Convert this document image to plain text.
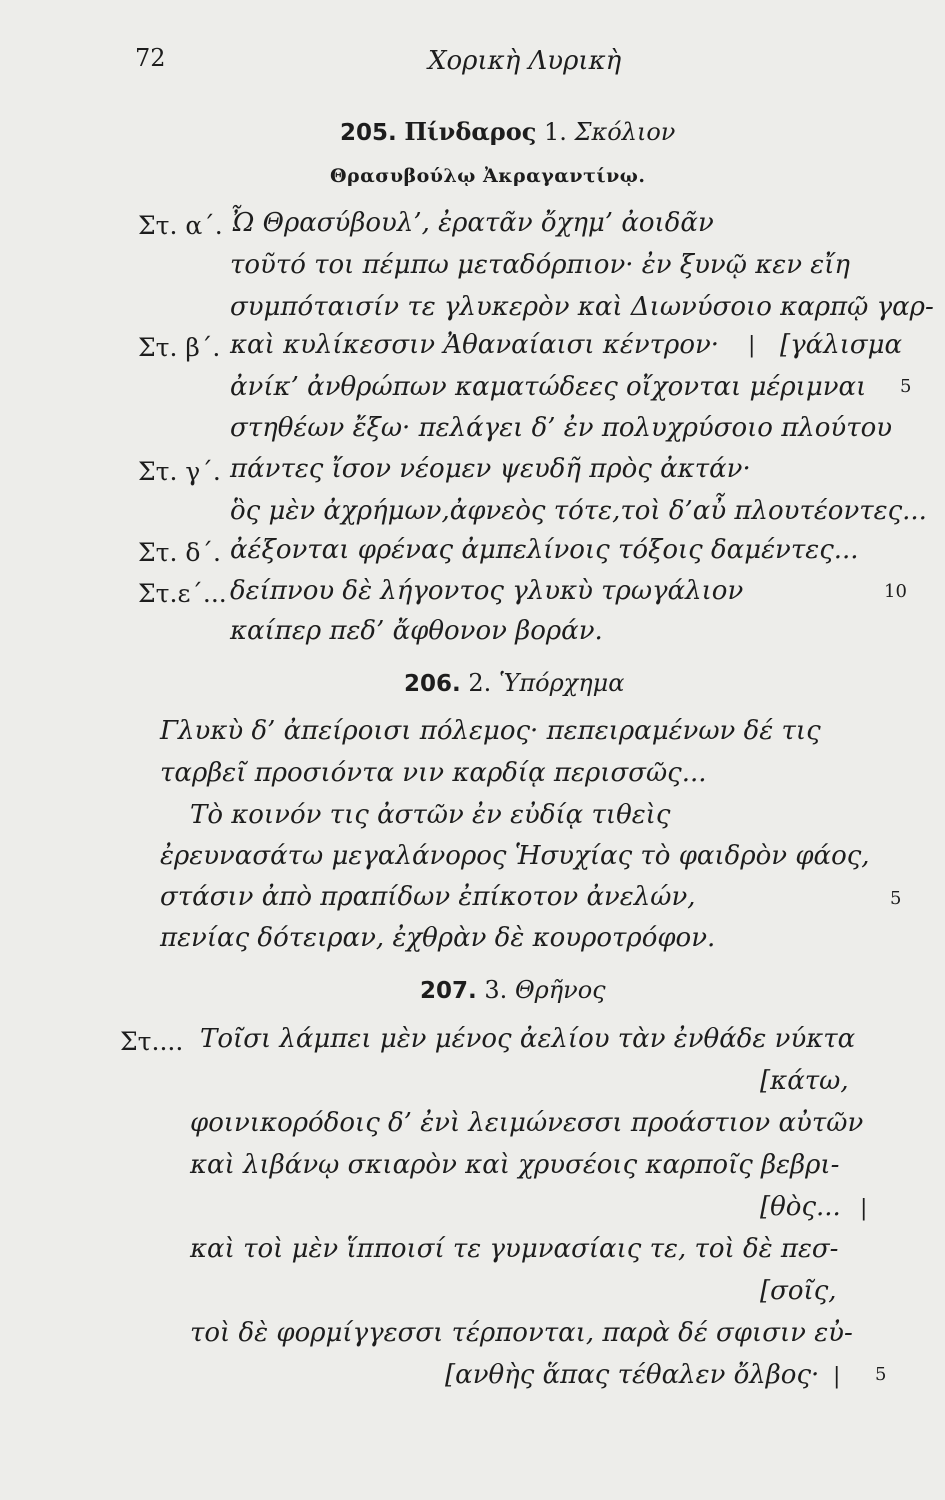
72	Χορικὴ Λυρικὴ
205. Πίνδαρος 1. Σκόλιον
Θρασυβούλῳ Ἀκραγαντίνῳ.
Στ. α΄. Ὦ Θρασύβουλ’, ἐρατᾶν ὄχημ’ ἀοιδᾶν
τοῦτό τοι πέμπω μεταδόρπιον· ἐν ξυνῷ κεν εἴη
συμπόταισίν τε γλυκερὸν καὶ Διωνύσοιο καρπῷ γαρ-
Στ. β΄. καὶ κυλίκεσσιν Ἀθαναίαισι κέντρον· | [γάλισμα
ἀνίκ’ ἀνθρώπων καματώδεες οἴχονται μέριμναι 5
στηθέων ἔξω· πελάγει δ’ ἐν πολυχρύσοιο πλούτου
Στ. γ΄. πάντες ἴσον νέομεν ψευδῆ πρὸς ἀκτάν·
ὃς μὲν ἀχρήμων,ἀφνεὸς τότε,τοὶ δ’αὖ πλουτέοντες...
Στ. δ΄. ἀέξονται φρένας ἀμπελίνοις τόξοις δαμέντες...
Στ.ε΄... δείπνου δὲ λήγοντος γλυκὺ τρωγάλιον	10
καίπερ πεδ’ ἄφθονον βοράν.
206. 2. Ὑπόρχημα
Γλυκὺ δ’ ἀπείροισι πόλεμος· πεπειραμένων δέ τις
ταρβεῖ προσιόντα νιν καρδίᾳ περισσῶς...
Τὸ κοινόν τις ἀστῶν ἐν εὐδίᾳ τιθεὶς
ἐρευνασάτω μεγαλάνορος Ἡσυχίας τὸ φαιδρὸν φάος,
στάσιν ἀπὸ πραπίδων ἐπίκοτον ἀνελών,	5
πενίας δότειραν, ἐχθρὰν δὲ κουροτρόφον.
207. 3. Θρῆνος
Στ.... Τοῖσι λάμπει μὲν μένος ἀελίου τὰν ἐνθάδε νύκτα
[κάτω,
φοινικορόδοις δ’ ἐνὶ λειμώνεσσι προάστιον αὐτῶν
καὶ λιβάνῳ σκιαρὸν καὶ χρυσέοις καρποῖς βεβρι-
[θὸς... |
καὶ τοὶ μὲν ἵπποισί τε γυμνασίαις τε, τοὶ δὲ πεσ-
[σοῖς,
τοὶ δὲ φορμίγγεσσι τέρπονται, παρὰ δέ σφισιν εὐ-
[ανθὴς ἅπας τέθαλεν ὄλβος· | 5
